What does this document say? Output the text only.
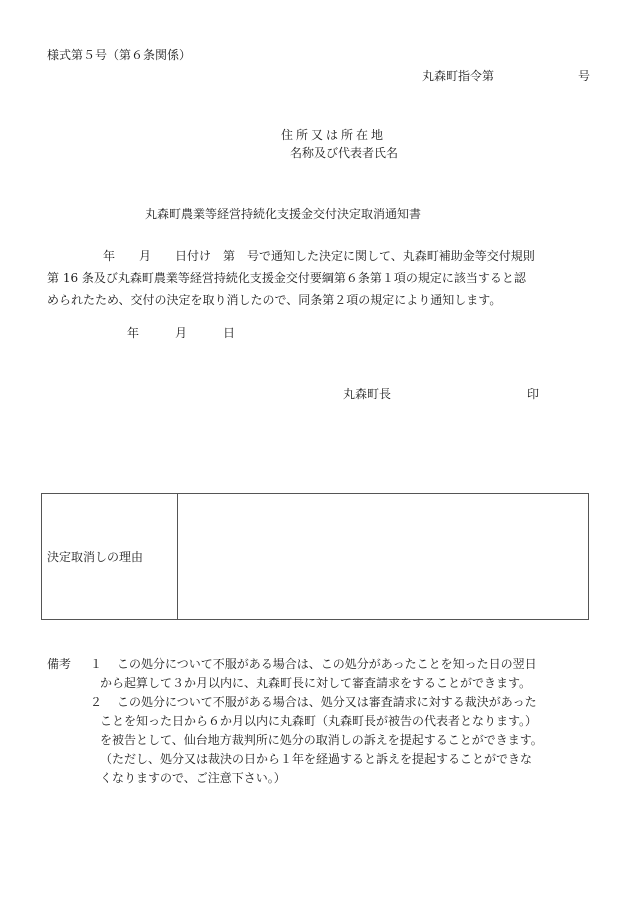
様式第５号（第６条関係）
丸森町指令第	号
住所又は所在地
名称及び代表者氏名
丸森町農業等経営持続化支援金交付決定取消通知書

年　　月　　日付け　第　号で通知した決定に関して、丸森町補助金等交付規則

第 16 条及び丸森町農業等経営持続化支援金交付要綱第６条第１項の規定に該当すると認

められたため、交付の決定を取り消したので、同条第２項の規定により通知します。

年　　　月　　　日
丸森町長	印
決定取消しの理由	
備考 １ この処分について不服がある場合は、この処分があったことを知った日の翌日
から起算して３か月以内に、丸森町長に対して審査請求をすることができます。
２ この処分について不服がある場合は、処分又は審査請求に対する裁決があった
ことを知った日から６か月以内に丸森町（丸森町長が被告の代表者となります。）
を被告として、仙台地方裁判所に処分の取消しの訴えを提起することができます。
（ただし、処分又は裁決の日から１年を経過すると訴えを提起することができな
くなりますので、ご注意下さい。）
